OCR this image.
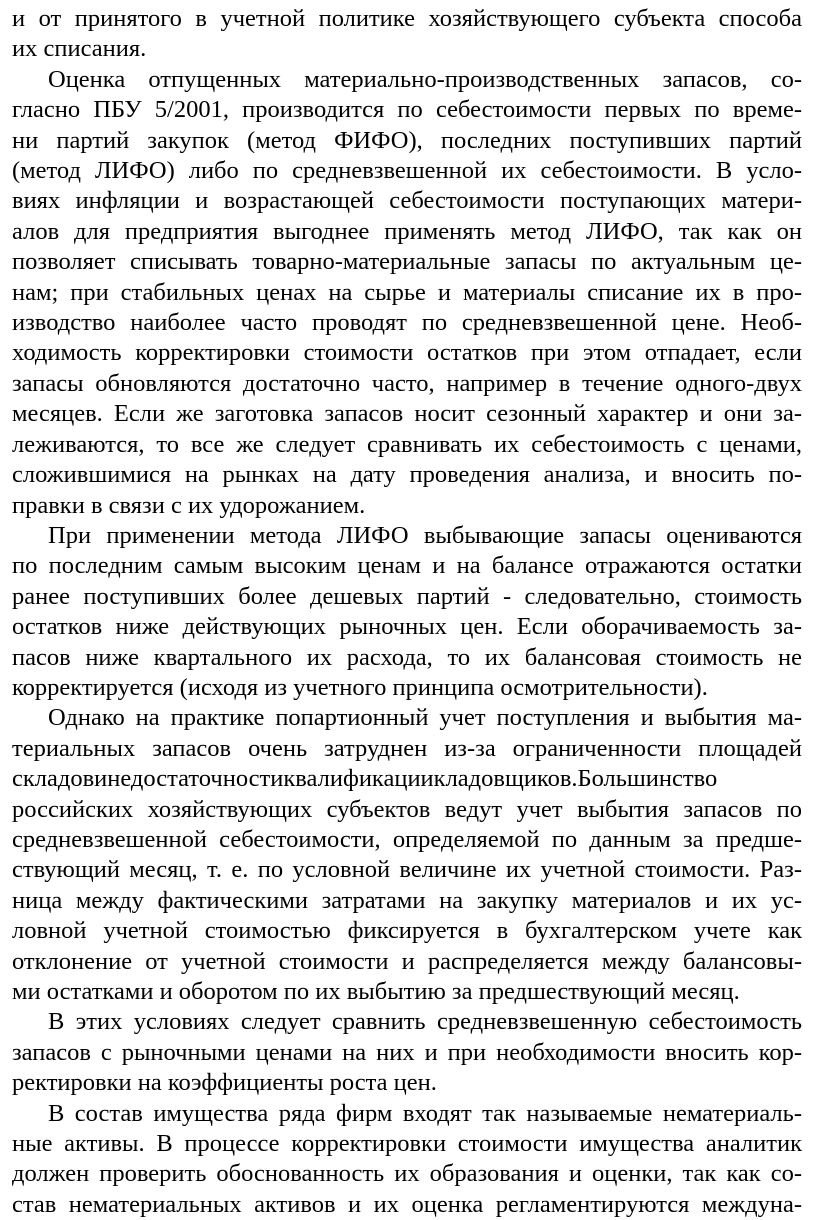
и от принятого в учетной политике хозяйствующего субъекта способа
их списания.

Оценка отпущенных материально-производственных запасов, со-
гласно ПБУ 5/2001, производится по себестоимости первых по време-
ни партий закупок (метод ФИФО), последних поступивших партий
(метод ЛИФО) либо по средневзвешенной их себестоимости. В усло-
виях инфляции и возрастающей себестоимости поступающих матери-
алов для предприятия выгоднее применять метод ЛИФО, так как он
позволяет списывать товарно-материальные запасы по актуальным це-
нам; при стабильных ценах на сырье и материалы списание их в про-
изводство наиболее часто проводят по средневзвешенной цене. Необ-
ходимость корректировки стоимости остатков при этом отпадает, если
запасы обновляются достаточно часто, например в течение одного-двух
месяцев. Если же заготовка запасов носит сезонный характер и они за-
леживаются, то все же следует сравнивать их себестоимость с ценами,
сложившимися на рынках на дату проведения анализа, и вносить по-
правки в связи с их удорожанием.

При применении метода ЛИФО выбывающие запасы оцениваются
по последним самым высоким ценам и на балансе отражаются остатки
ранее поступивших более дешевых партий - следовательно, стоимость
остатков ниже действующих рыночных цен. Если оборачиваемость за-
пасов ниже квартального их расхода, то их балансовая стоимость не
корректируется (исходя из учетного принципа осмотрительности).

Однако на практике попартионный учет поступления и выбытия ма-
териальных запасов очень затруднен из-за ограниченности площадей
складовинедостаточностиквалификациикладовщиков.Большинство
российских хозяйствующих субъектов ведут учет выбытия запасов по
средневзвешенной себестоимости, определяемой по данным за предше-
ствующий месяц, т. е. по условной величине их учетной стоимости. Раз-
ница между фактическими затратами на закупку материалов и их ус-
ловной учетной стоимостью фиксируется в бухгалтерском учете как
отклонение от учетной стоимости и распределяется между балансовы-
ми остатками и оборотом по их выбытию за предшествующий месяц.

В этих условиях следует сравнить средневзвешенную себестоимость
запасов с рыночными ценами на них и при необходимости вносить кор-
ректировки на коэффициенты роста цен.

В состав имущества ряда фирм входят так называемые нематериаль-
ные активы. В процессе корректировки стоимости имущества аналитик
должен проверить обоснованность их образования и оценки, так как со-
став нематериальных активов и их оценка регламентируются междуна-
